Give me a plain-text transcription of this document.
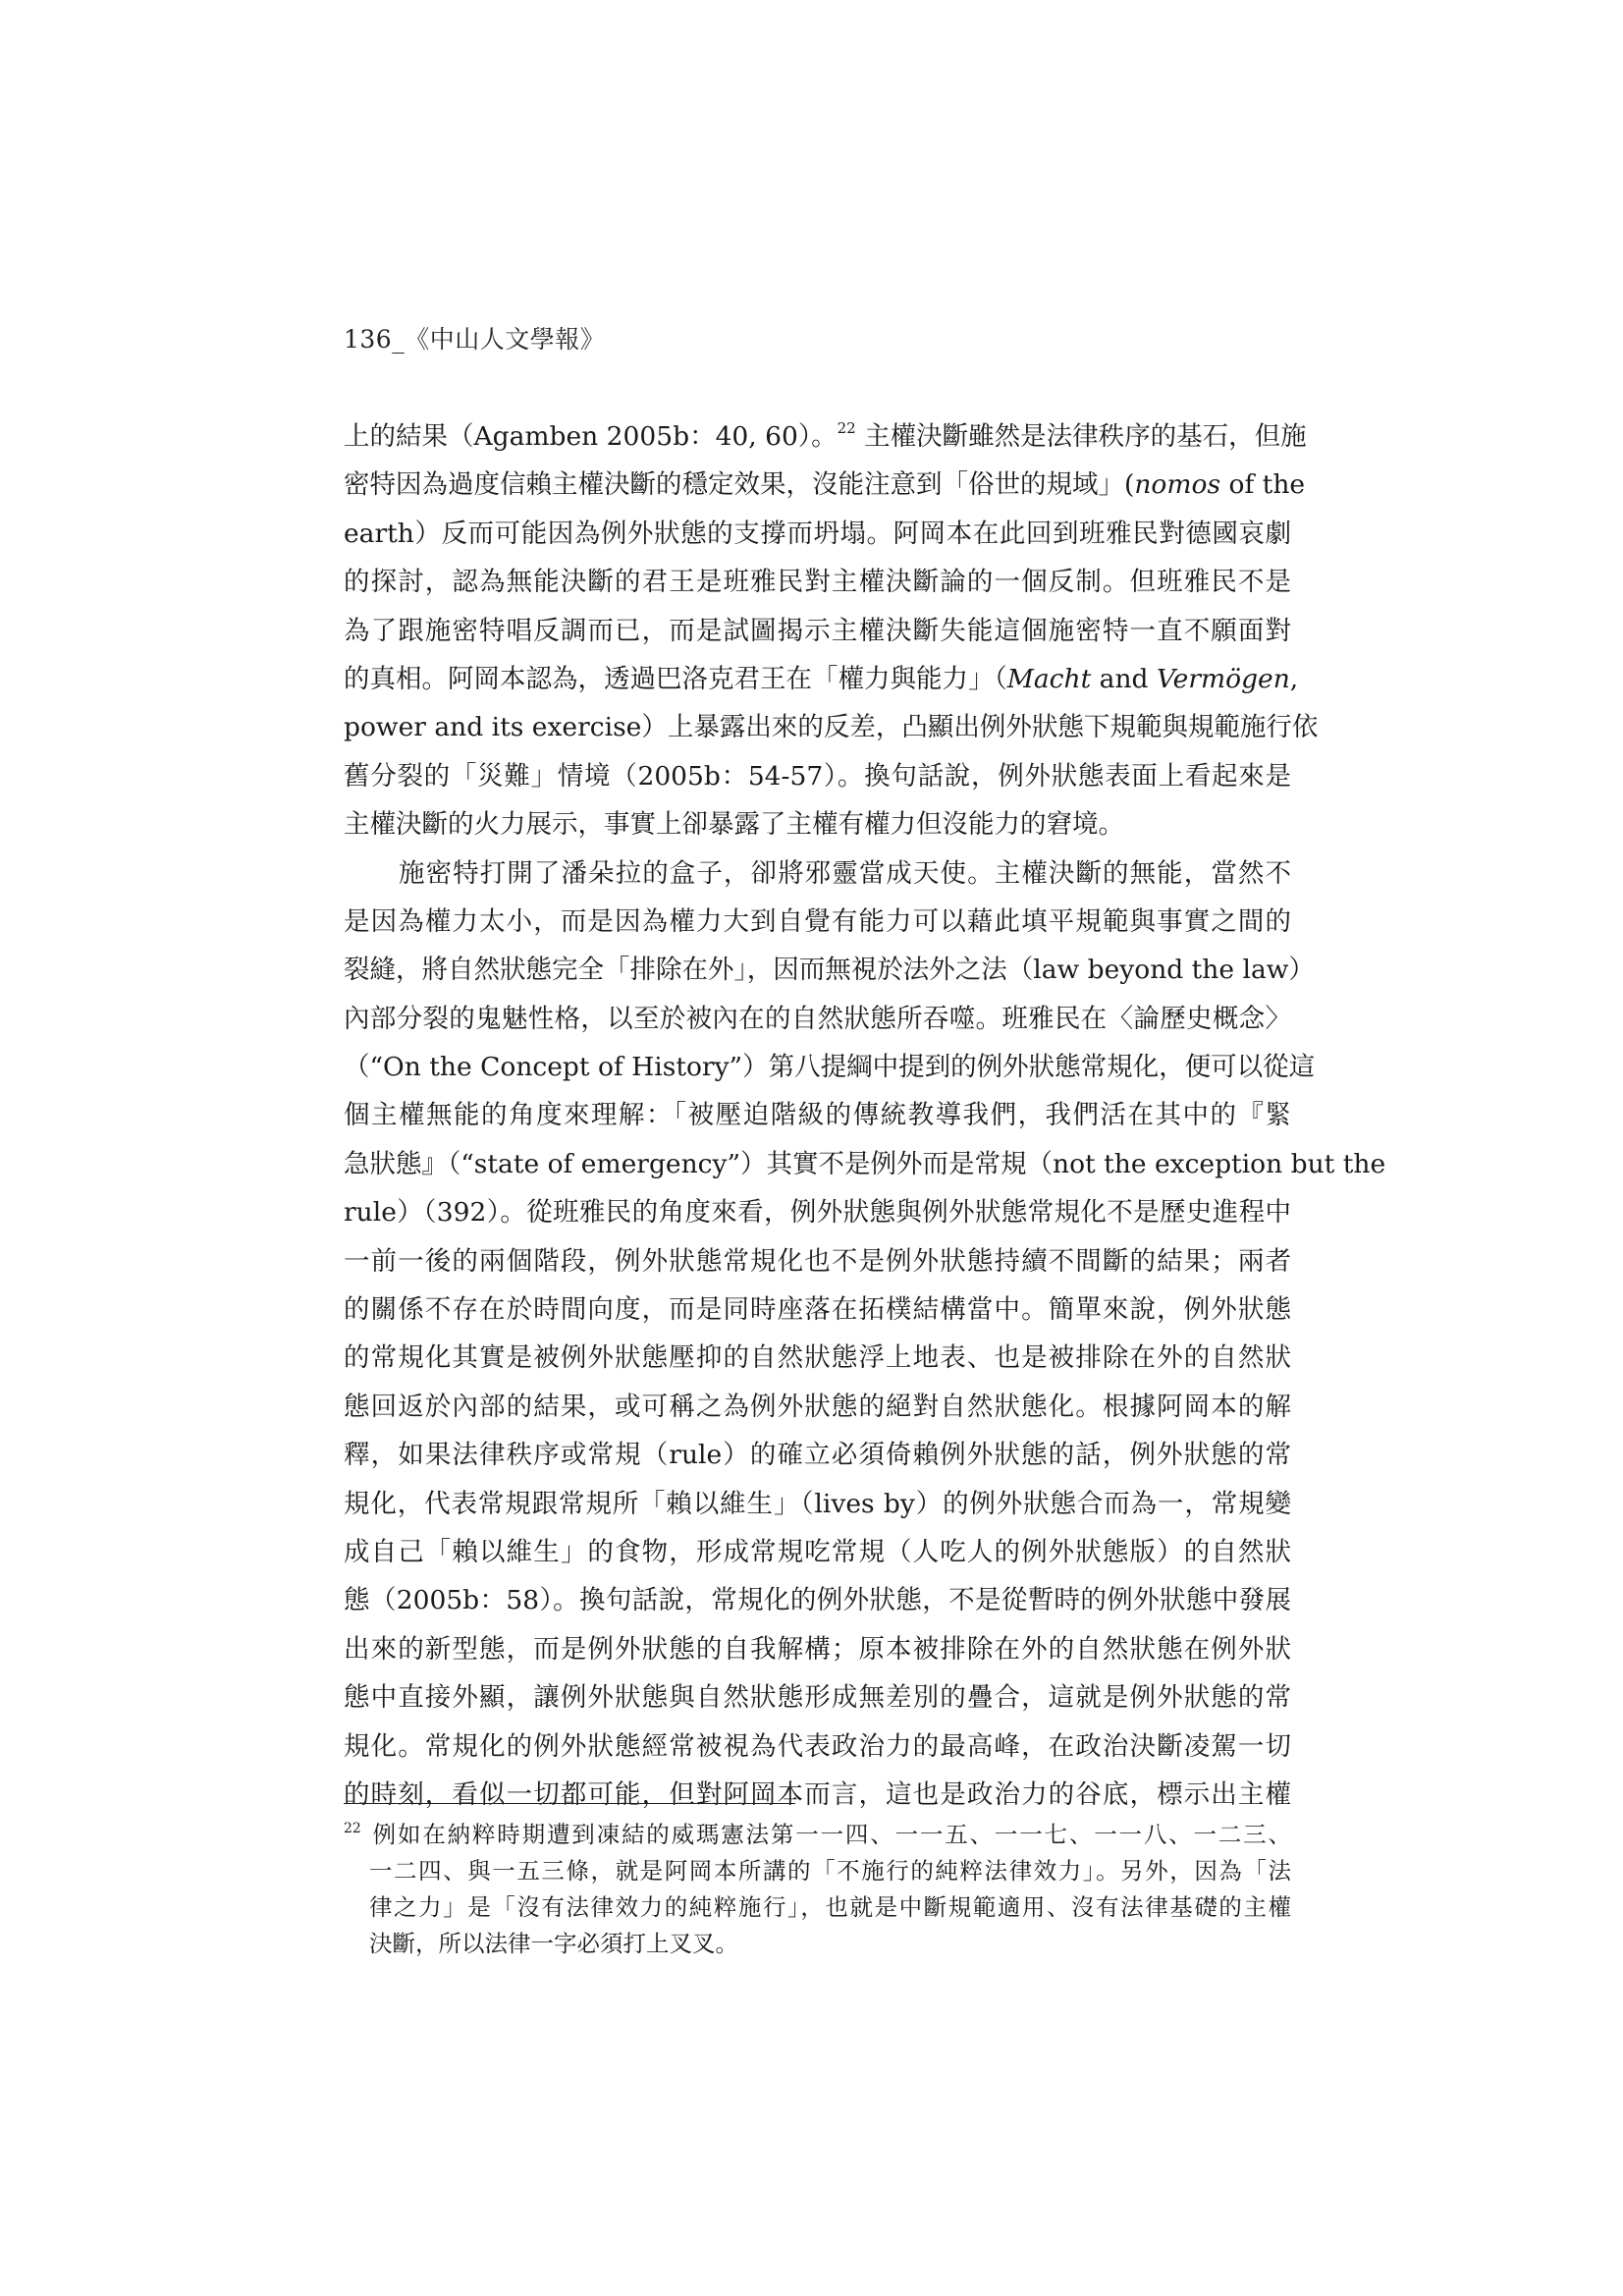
136_《中山人文學報》
上的結果（Agamben 2005b：40, 60）。$^{22}$ 主權決斷雖然是法律秩序的基石，但施
密特因為過度信賴主權決斷的穩定效果，沒能注意到「俗世的規域」(nomos of the
earth）反而可能因為例外狀態的支撐而坍塌。阿岡本在此回到班雅民對德國哀劇
的探討，認為無能決斷的君王是班雅民對主權決斷論的一個反制。但班雅民不是
為了跟施密特唱反調而已，而是試圖揭示主權決斷失能這個施密特一直不願面對
的真相。阿岡本認為，透過巴洛克君王在「權力與能力」（Macht and Vermögen,
power and its exercise）上暴露出來的反差，凸顯出例外狀態下規範與規範施行依
舊分裂的「災難」情境（2005b：54-57）。換句話說，例外狀態表面上看起來是
主權決斷的火力展示，事實上卻暴露了主權有權力但沒能力的窘境。
施密特打開了潘朵拉的盒子，卻將邪靈當成天使。主權決斷的無能，當然不
是因為權力太小，而是因為權力大到自覺有能力可以藉此填平規範與事實之間的
裂縫，將自然狀態完全「排除在外」，因而無視於法外之法（law beyond the law）
內部分裂的鬼魅性格，以至於被內在的自然狀態所吞噬。班雅民在〈論歷史概念〉
（“On the Concept of History”）第八提綱中提到的例外狀態常規化，便可以從這
個主權無能的角度來理解：「被壓迫階級的傳統教導我們，我們活在其中的『緊
急狀態』（“state of emergency”）其實不是例外而是常規（not the exception but the
rule）（392）。從班雅民的角度來看，例外狀態與例外狀態常規化不是歷史進程中
一前一後的兩個階段，例外狀態常規化也不是例外狀態持續不間斷的結果；兩者
的關係不存在於時間向度，而是同時座落在拓樸結構當中。簡單來說，例外狀態
的常規化其實是被例外狀態壓抑的自然狀態浮上地表、也是被排除在外的自然狀
態回返於內部的結果，或可稱之為例外狀態的絕對自然狀態化。根據阿岡本的解
釋，如果法律秩序或常規（rule）的確立必須倚賴例外狀態的話，例外狀態的常
規化，代表常規跟常規所「賴以維生」（lives by）的例外狀態合而為一，常規變
成自己「賴以維生」的食物，形成常規吃常規（人吃人的例外狀態版）的自然狀
態（2005b：58）。換句話說，常規化的例外狀態，不是從暫時的例外狀態中發展
出來的新型態，而是例外狀態的自我解構；原本被排除在外的自然狀態在例外狀
態中直接外顯，讓例外狀態與自然狀態形成無差別的疊合，這就是例外狀態的常
規化。常規化的例外狀態經常被視為代表政治力的最高峰，在政治決斷凌駕一切
的時刻，看似一切都可能，但對阿岡本而言，這也是政治力的谷底，標示出主權
$^{22}$ 例如在納粹時期遭到凍結的威瑪憲法第一一四、一一五、一一七、一一八、一二三、
一二四、與一五三條，就是阿岡本所講的「不施行的純粹法律效力」。另外，因為「法
律之力」是「沒有法律效力的純粹施行」，也就是中斷規範適用、沒有法律基礎的主權
決斷，所以法律一字必須打上叉叉。
